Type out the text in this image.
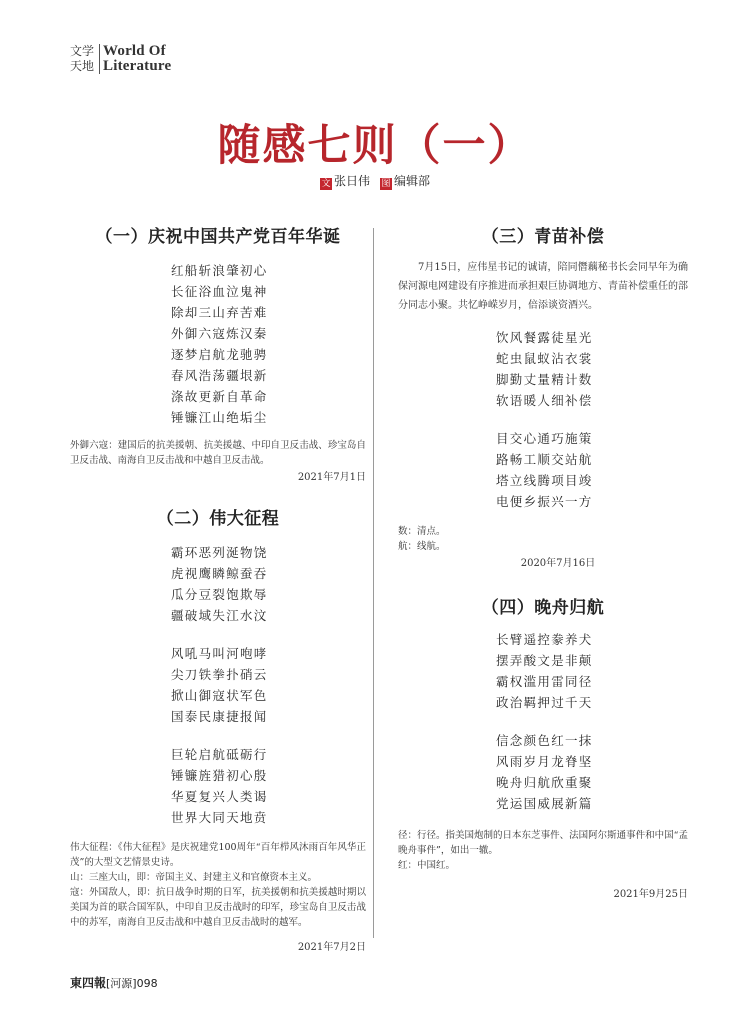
文学
天地
World Of
Literature
随感七则（一）
文 张日伟 图 编辑部
（一）庆祝中国共产党百年华诞
红船斩浪肇初心
长征浴血泣鬼神
除却三山弃苦难
外御六寇炼汉秦
逐梦启航龙驰骋
春风浩荡疆垠新
涤故更新自革命
锤镰江山绝垢尘
外御六寇：建国后的抗美援朝、抗美援越、中印自卫反击战、珍宝岛自卫反击战、南海自卫反击战和中越自卫反击战。
2021年7月1日
（二）伟大征程
霸环恶列涎物饶
虎视鹰瞵鲸蚕吞
瓜分豆裂饱欺辱
疆破域失江水汶
风吼马叫河咆哮
尖刀铁拳扑硝云
掀山御寇状军色
国泰民康捷报闻
巨轮启航砥砺行
锤镰旌猎初心殷
华夏复兴人类谒
世界大同天地贲
伟大征程：《伟大征程》是庆祝建党100周年“百年栉风沐雨百年风华正茂”的大型文艺情景史诗。
山：三座大山，即：帝国主义、封建主义和官僚资本主义。
寇：外国敌人，即：抗日战争时期的日军，抗美援朝和抗美援越时期以美国为首的联合国军队，中印自卫反击战时的印军，珍宝岛自卫反击战中的苏军，南海自卫反击战和中越自卫反击战时的越军。
2021年7月2日
（三）青苗补偿
7月15日，应伟星书记的诚请，陪同僭藕秘书长会同早年为确保河源电网建设有序推进而承担艰巨协调地方、青苗补偿重任的部分同志小聚。共忆峥嵘岁月，倍添谈资酒兴。
饮风餐露徒星光
蛇虫鼠蚁沾衣裳
脚勤丈量精计数
软语暖人细补偿
目交心通巧施策
路畅工顺交站航
塔立线腾项目竣
电便乡振兴一方
数：清点。
航：线航。
2020年7月16日
（四）晚舟归航
长臂遥控豢养犬
摆弄酸文是非颠
霸权滥用雷同径
政治羁押过千天
信念颜色红一抹
风雨岁月龙脊坚
晚舟归航欣重聚
党运国威展新篇
径：行径。指美国炮制的日本东芝事件、法国阿尔斯通事件和中国“孟晚舟事件”，如出一辙。
红：中国红。
2021年9月25日
東四報[河源]098
